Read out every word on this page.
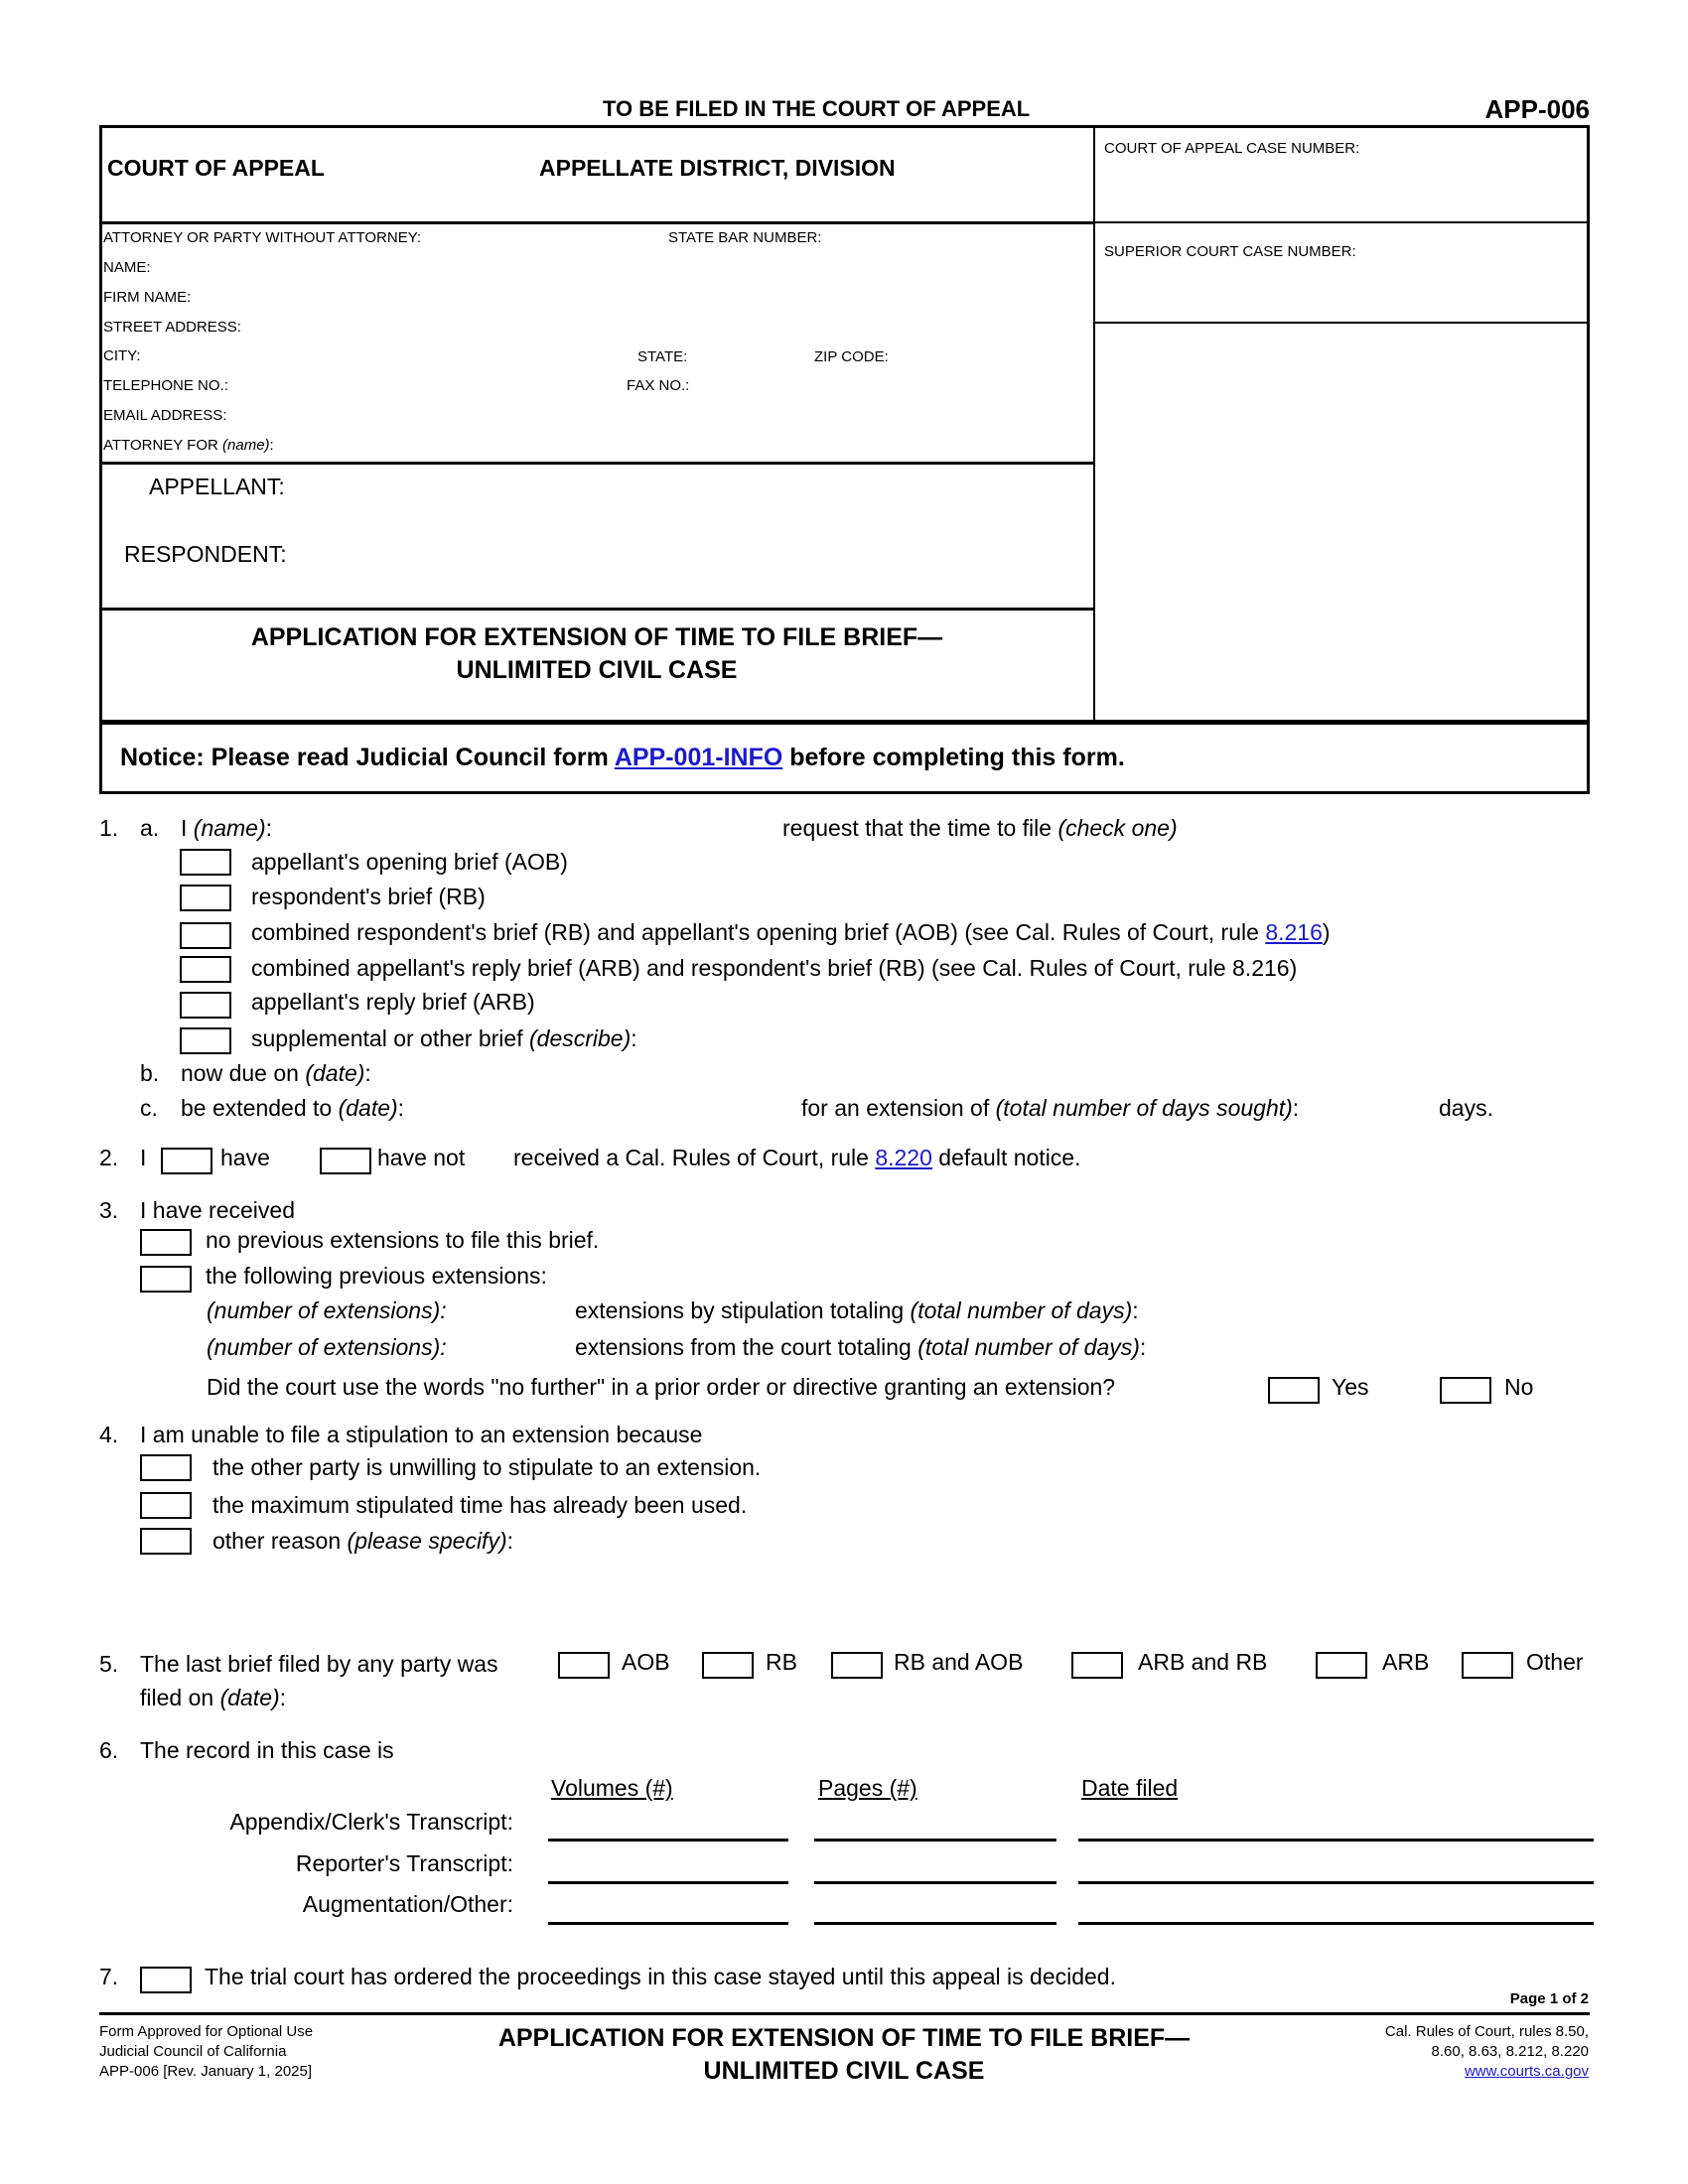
TO BE FILED IN THE COURT OF APPEAL	APP-006
COURT OF APPEAL	APPELLATE DISTRICT, DIVISION
COURT OF APPEAL CASE NUMBER:
SUPERIOR COURT CASE NUMBER:
ATTORNEY OR PARTY WITHOUT ATTORNEY:	STATE BAR NUMBER:
NAME:
FIRM NAME:
STREET ADDRESS:
CITY:	STATE:	ZIP CODE:
TELEPHONE NO.:	FAX NO.:
EMAIL ADDRESS:
ATTORNEY FOR (name):
APPELLANT:
RESPONDENT:
APPLICATION FOR EXTENSION OF TIME TO FILE BRIEF—
UNLIMITED CIVIL CASE
Notice: Please read Judicial Council form APP-001-INFO before completing this form.
1. a. I (name):	request that the time to file (check one)
appellant's opening brief (AOB)
respondent's brief (RB)
combined respondent's brief (RB) and appellant's opening brief (AOB) (see Cal. Rules of Court, rule 8.216)
combined appellant's reply brief (ARB) and respondent's brief (RB) (see Cal. Rules of Court, rule 8.216)
appellant's reply brief (ARB)
supplemental or other brief (describe):
b. now due on (date):
c. be extended to (date):	for an extension of (total number of days sought):	days.
2. I	have	have not received a Cal. Rules of Court, rule 8.220 default notice.
3. I have received
no previous extensions to file this brief.
the following previous extensions:
(number of extensions):	extensions by stipulation totaling (total number of days):
(number of extensions):	extensions from the court totaling (total number of days):
Did the court use the words "no further" in a prior order or directive granting an extension?	Yes	No
4. I am unable to file a stipulation to an extension because
the other party is unwilling to stipulate to an extension.
the maximum stipulated time has already been used.
other reason (please specify):
5. The last brief filed by any party was	AOB	RB	RB and AOB	ARB and RB	ARB	Other
filed on (date):
6. The record in this case is
Volumes (#)	Pages (#)	Date filed
Appendix/Clerk's Transcript:
Reporter's Transcript:
Augmentation/Other:
7.	The trial court has ordered the proceedings in this case stayed until this appeal is decided.
Page 1 of 2
Form Approved for Optional Use
Judicial Council of California
APP-006 [Rev. January 1, 2025]
APPLICATION FOR EXTENSION OF TIME TO FILE BRIEF—
UNLIMITED CIVIL CASE
Cal. Rules of Court, rules 8.50,
8.60, 8.63, 8.212, 8.220
www.courts.ca.gov
